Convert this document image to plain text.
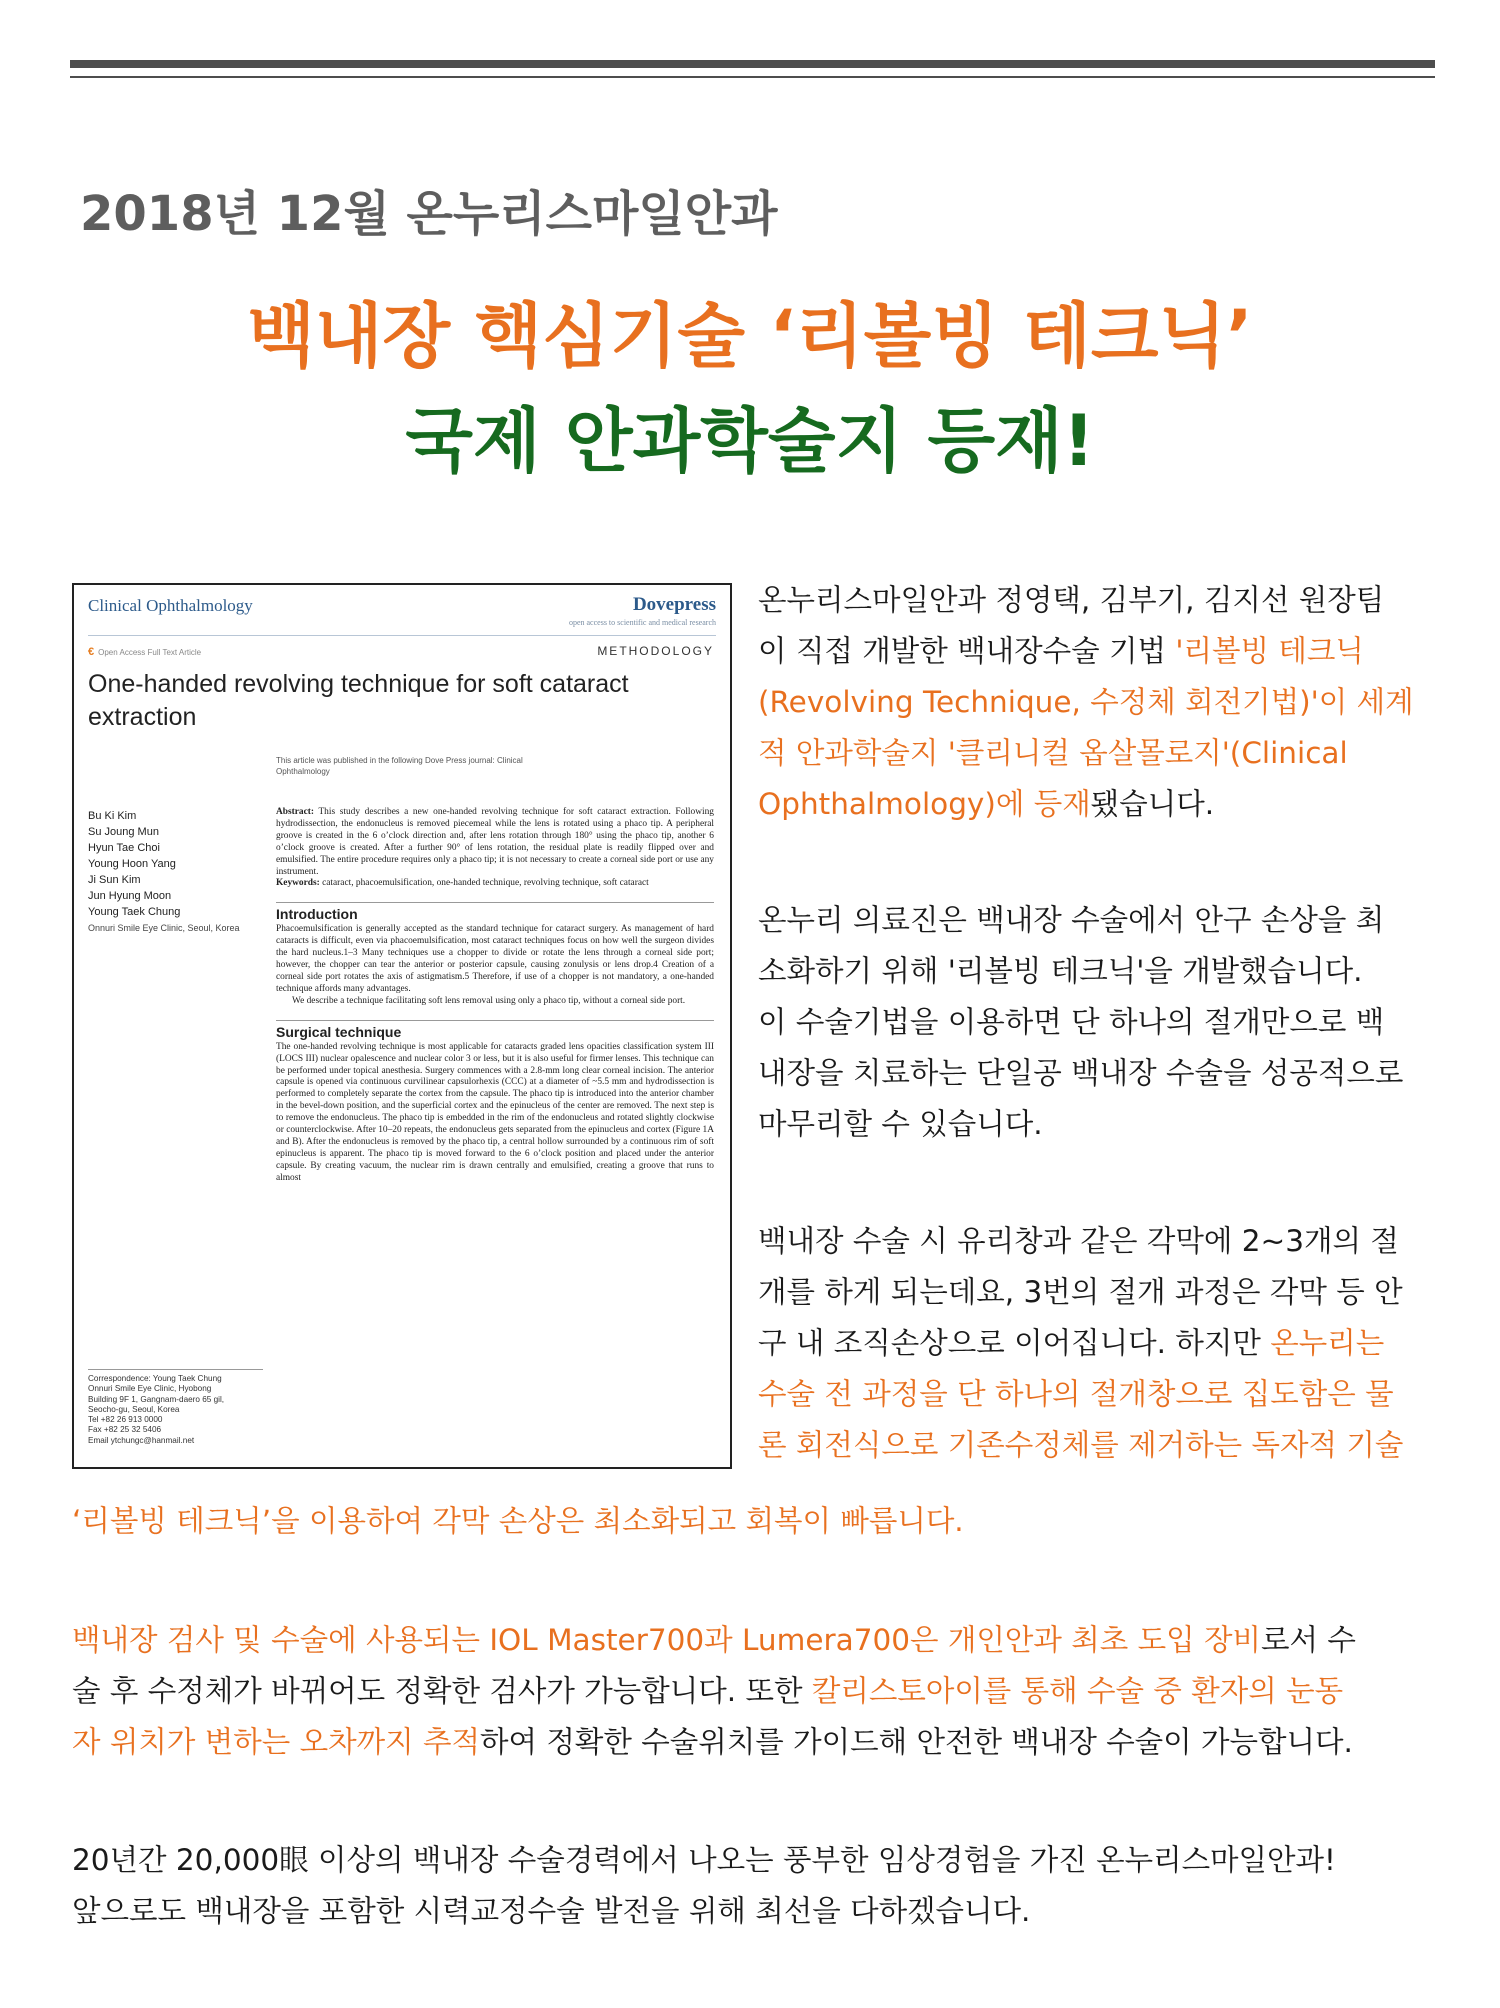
2018년 12월 온누리스마일안과
백내장 핵심기술 ‘리볼빙 테크닉’
국제 안과학술지 등재!
Clinical Ophthalmology	Dovepress
open access to scientific and medical research
€ Open Access Full Text Article	METHODOLOGY
One-handed revolving technique for soft cataract extraction
This article was published in the following Dove Press journal: Clinical Ophthalmology
Bu Ki Kim
Su Joung Mun
Hyun Tae Choi
Young Hoon Yang
Ji Sun Kim
Jun Hyung Moon
Young Taek Chung
Onnuri Smile Eye Clinic, Seoul, Korea

Abstract: This study describes a new one-handed revolving technique for soft cataract extraction. Following hydrodissection, the endonucleus is removed piecemeal while the lens is rotated using a phaco tip. A peripheral groove is created in the 6 o’clock direction and, after lens rotation through 180° using the phaco tip, another 6 o’clock groove is created. After a further 90° of lens rotation, the residual plate is readily flipped over and emulsified. The entire procedure requires only a phaco tip; it is not necessary to create a corneal side port or use any instrument.

Keywords: cataract, phacoemulsification, one-handed technique, revolving technique, soft cataract

Introduction

Phacoemulsification is generally accepted as the standard technique for cataract surgery. As management of hard cataracts is difficult, even via phacoemulsification, most cataract techniques focus on how well the surgeon divides the hard nucleus.1–3 Many techniques use a chopper to divide or rotate the lens through a corneal side port; however, the chopper can tear the anterior or posterior capsule, causing zonulysis or lens drop.4 Creation of a corneal side port rotates the axis of astigmatism.5 Therefore, if use of a chopper is not mandatory, a one-handed technique affords many advantages.

We describe a technique facilitating soft lens removal using only a phaco tip, without a corneal side port.

Surgical technique

The one-handed revolving technique is most applicable for cataracts graded lens opacities classification system III (LOCS III) nuclear opalescence and nuclear color 3 or less, but it is also useful for firmer lenses. This technique can be performed under topical anesthesia. Surgery commences with a 2.8-mm long clear corneal incision. The anterior capsule is opened via continuous curvilinear capsulorhexis (CCC) at a diameter of ~5.5 mm and hydrodissection is performed to completely separate the cortex from the capsule. The phaco tip is introduced into the anterior chamber in the bevel-down position, and the superficial cortex and the epinucleus of the center are removed. The next step is to remove the endonucleus. The phaco tip is embedded in the rim of the endonucleus and rotated slightly clockwise or counterclockwise. After 10–20 repeats, the endonucleus gets separated from the epinucleus and cortex (Figure 1A and B). After the endonucleus is removed by the phaco tip, a central hollow surrounded by a continuous rim of soft epinucleus is apparent. The phaco tip is moved forward to the 6 o’clock position and placed under the anterior capsule. By creating vacuum, the nuclear rim is drawn centrally and emulsified, creating a groove that runs to almost

Correspondence: Young Taek Chung
Onnuri Smile Eye Clinic, Hyobong
Building 9F 1, Gangnam-daero 65 gil,
Seocho-gu, Seoul, Korea
Tel +82 26 913 0000
Fax +82 25 32 5406
Email ytchungc@hanmail.net
온누리스마일안과 정영택, 김부기, 김지선 원장팀
이 직접 개발한 백내장수술 기법 '리볼빙 테크닉
(Revolving Technique, 수정체 회전기법)'이 세계
적 안과학술지 '클리니컬 옵살몰로지'(Clinical
Ophthalmology)에 등재됐습니다.
온누리 의료진은 백내장 수술에서 안구 손상을 최
소화하기 위해 '리볼빙 테크닉'을 개발했습니다.
이 수술기법을 이용하면 단 하나의 절개만으로 백
내장을 치료하는 단일공 백내장 수술을 성공적으로
마무리할 수 있습니다.
백내장 수술 시 유리창과 같은 각막에 2~3개의 절
개를 하게 되는데요, 3번의 절개 과정은 각막 등 안
구 내 조직손상으로 이어집니다. 하지만 온누리는
수술 전 과정을 단 하나의 절개창으로 집도함은 물
론 회전식으로 기존수정체를 제거하는 독자적 기술
‘리볼빙 테크닉’을 이용하여 각막 손상은 최소화되고 회복이 빠릅니다.
백내장 검사 및 수술에 사용되는 IOL Master700과 Lumera700은 개인안과 최초 도입 장비로서 수
술 후 수정체가 바뀌어도 정확한 검사가 가능합니다. 또한 칼리스토아이를 통해 수술 중 환자의 눈동
자 위치가 변하는 오차까지 추적하여 정확한 수술위치를 가이드해 안전한 백내장 수술이 가능합니다.
20년간 20,000眼 이상의 백내장 수술경력에서 나오는 풍부한 임상경험을 가진 온누리스마일안과!
앞으로도 백내장을 포함한 시력교정수술 발전을 위해 최선을 다하겠습니다.
